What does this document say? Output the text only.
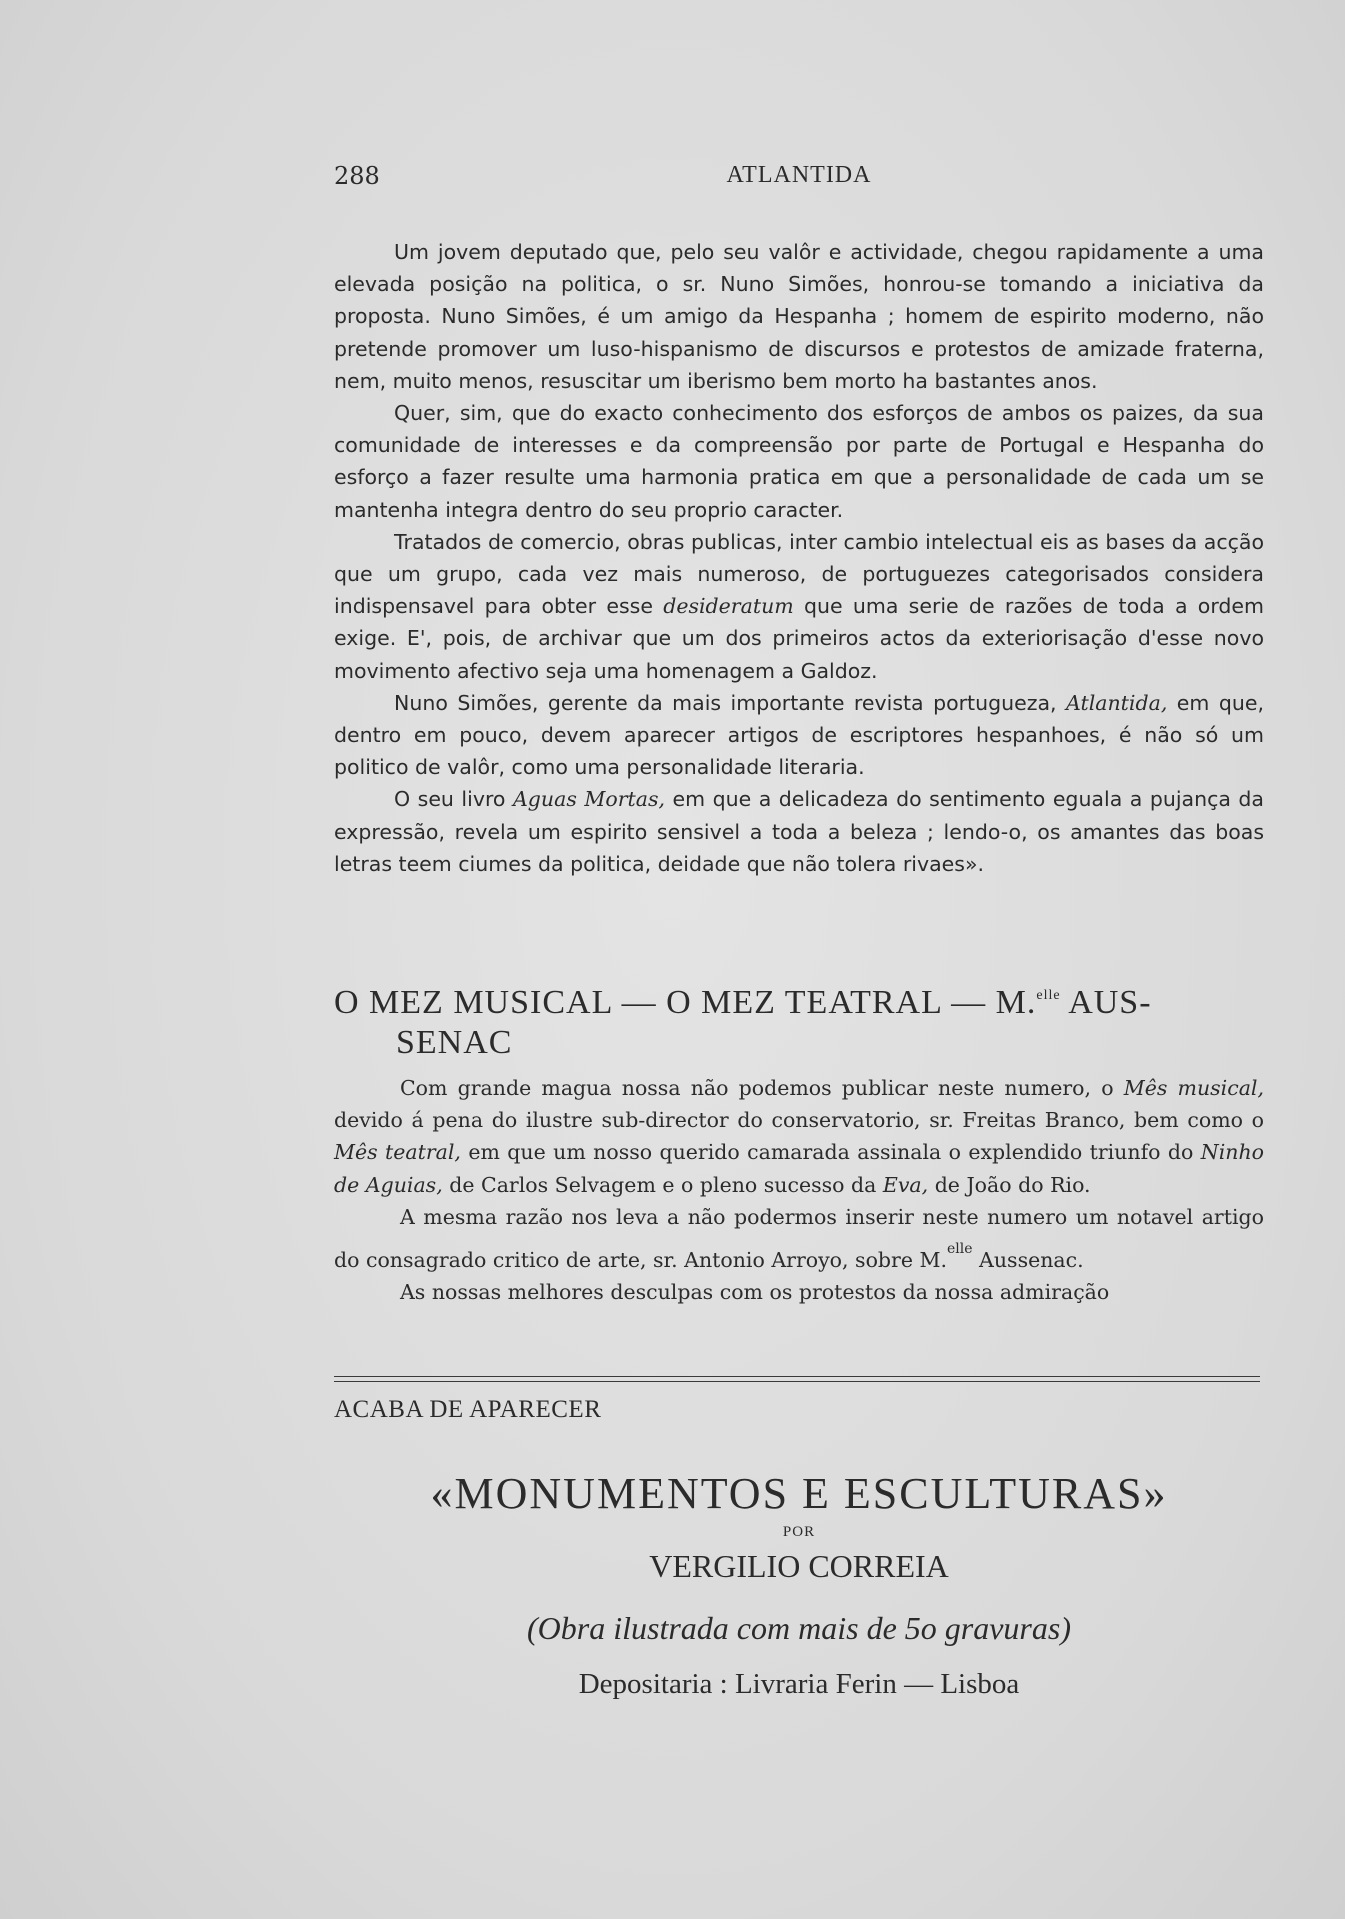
288	ATLANTIDA

Um jovem deputado que, pelo seu valôr e actividade, chegou rapidamente a uma elevada posição na politica, o sr. Nuno Simões, honrou-se tomando a iniciativa da proposta. Nuno Simões, é um amigo da Hespanha ; homem de espirito moderno, não pretende promover um luso-hispanismo de discursos e protestos de amizade fraterna, nem, muito menos, resuscitar um iberismo bem morto ha bastantes anos.

Quer, sim, que do exacto conhecimento dos esforços de ambos os paizes, da sua comunidade de interesses e da compreensão por parte de Portugal e Hespanha do esforço a fazer resulte uma harmonia pratica em que a personalidade de cada um se mantenha integra dentro do seu proprio caracter.

Tratados de comercio, obras publicas, inter cambio intelectual eis as bases da acção que um grupo, cada vez mais numeroso, de portuguezes categorisados considera indispensavel para obter esse desideratum que uma serie de razões de toda a ordem exige. E', pois, de archivar que um dos primeiros actos da exteriorisação d'esse novo movimento afectivo seja uma homenagem a Galdoz.

Nuno Simões, gerente da mais importante revista portugueza, Atlantida, em que, dentro em pouco, devem aparecer artigos de escriptores hespanhoes, é não só um politico de valôr, como uma personalidade literaria.

O seu livro Aguas Mortas, em que a delicadeza do sentimento eguala a pujança da expressão, revela um espirito sensivel a toda a beleza ; lendo-o, os amantes das boas letras teem ciumes da politica, deidade que não tolera rivaes».

O MEZ MUSICAL — O MEZ TEATRAL — M.$^{elle}$ AUS-
SENAC

Com grande magua nossa não podemos publicar neste numero, o Mês musical, devido á pena do ilustre sub-director do conservatorio, sr. Freitas Branco, bem como o Mês teatral, em que um nosso querido camarada assinala o explendido triunfo do Ninho de Aguias, de Carlos Selvagem e o pleno sucesso da Eva, de João do Rio.

A mesma razão nos leva a não podermos inserir neste numero um notavel artigo do consagrado critico de arte, sr. Antonio Arroyo, sobre M.$^{elle}$ Aussenac.

As nossas melhores desculpas com os protestos da nossa admiração

ACABA DE APARECER
«MONUMENTOS E ESCULTURAS»
POR
VERGILIO CORREIA
(Obra ilustrada com mais de 5o gravuras)
Depositaria : Livraria Ferin — Lisboa
